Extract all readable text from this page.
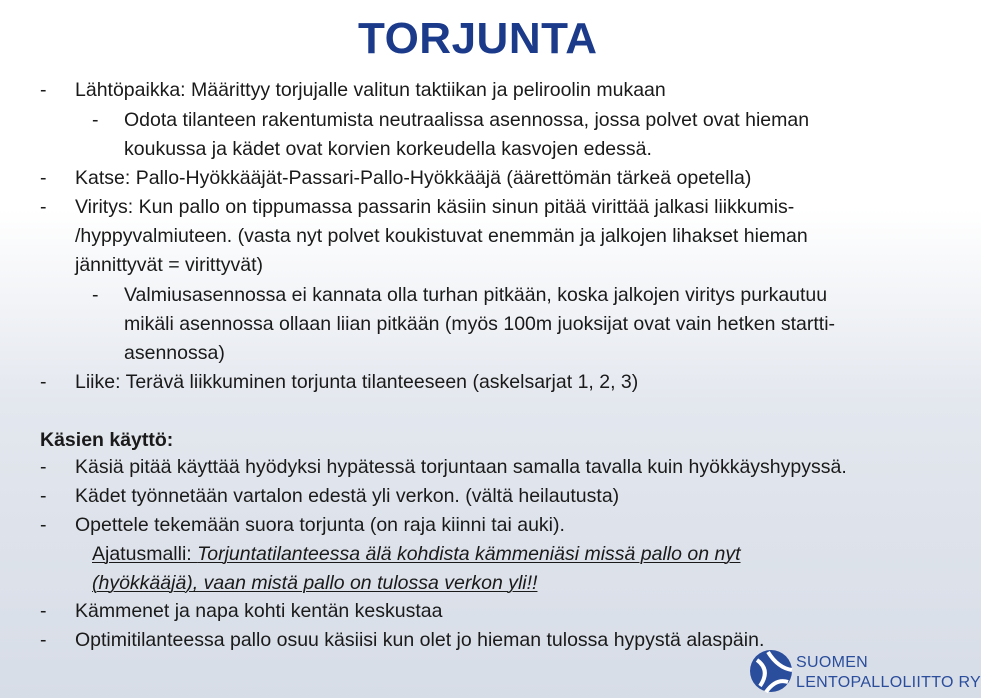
TORJUNTA
- Lähtöpaikka: Määrittyy torjujalle valitun taktiikan ja peliroolin mukaan
- Odota tilanteen rakentumista neutraalissa asennossa, jossa polvet ovat hieman
koukussa ja kädet ovat korvien korkeudella kasvojen edessä.
- Katse: Pallo-Hyökkääjät-Passari-Pallo-Hyökkääjä (äärettömän tärkeä opetella)
- Viritys: Kun pallo on tippumassa passarin käsiin sinun pitää virittää jalkasi liikkumis-
/hyppyvalmiuteen. (vasta nyt polvet koukistuvat enemmän ja jalkojen lihakset hieman
jännittyvät = virittyvät)
- Valmiusasennossa ei kannata olla turhan pitkään, koska jalkojen viritys purkautuu
mikäli asennossa ollaan liian pitkään (myös 100m juoksijat ovat vain hetken startti-
asennossa)
- Liike: Terävä liikkuminen torjunta tilanteeseen (askelsarjat 1, 2, 3)
Käsien käyttö:
- Käsiä pitää käyttää hyödyksi hypätessä torjuntaan samalla tavalla kuin hyökkäyshypyssä.
- Kädet työnnetään vartalon edestä yli verkon. (vältä heilautusta)
- Opettele tekemään suora torjunta (on raja kiinni tai auki).
Ajatusmalli: Torjuntatilanteessa älä kohdista kämmeniäsi missä pallo on nyt
(hyökkääjä), vaan mistä pallo on tulossa verkon yli!!
- Kämmenet ja napa kohti kentän keskustaa
- Optimitilanteessa pallo osuu käsiisi kun olet jo hieman tulossa hypystä alaspäin.
SUOMEN
LENTOPALLOLIITTO RY
